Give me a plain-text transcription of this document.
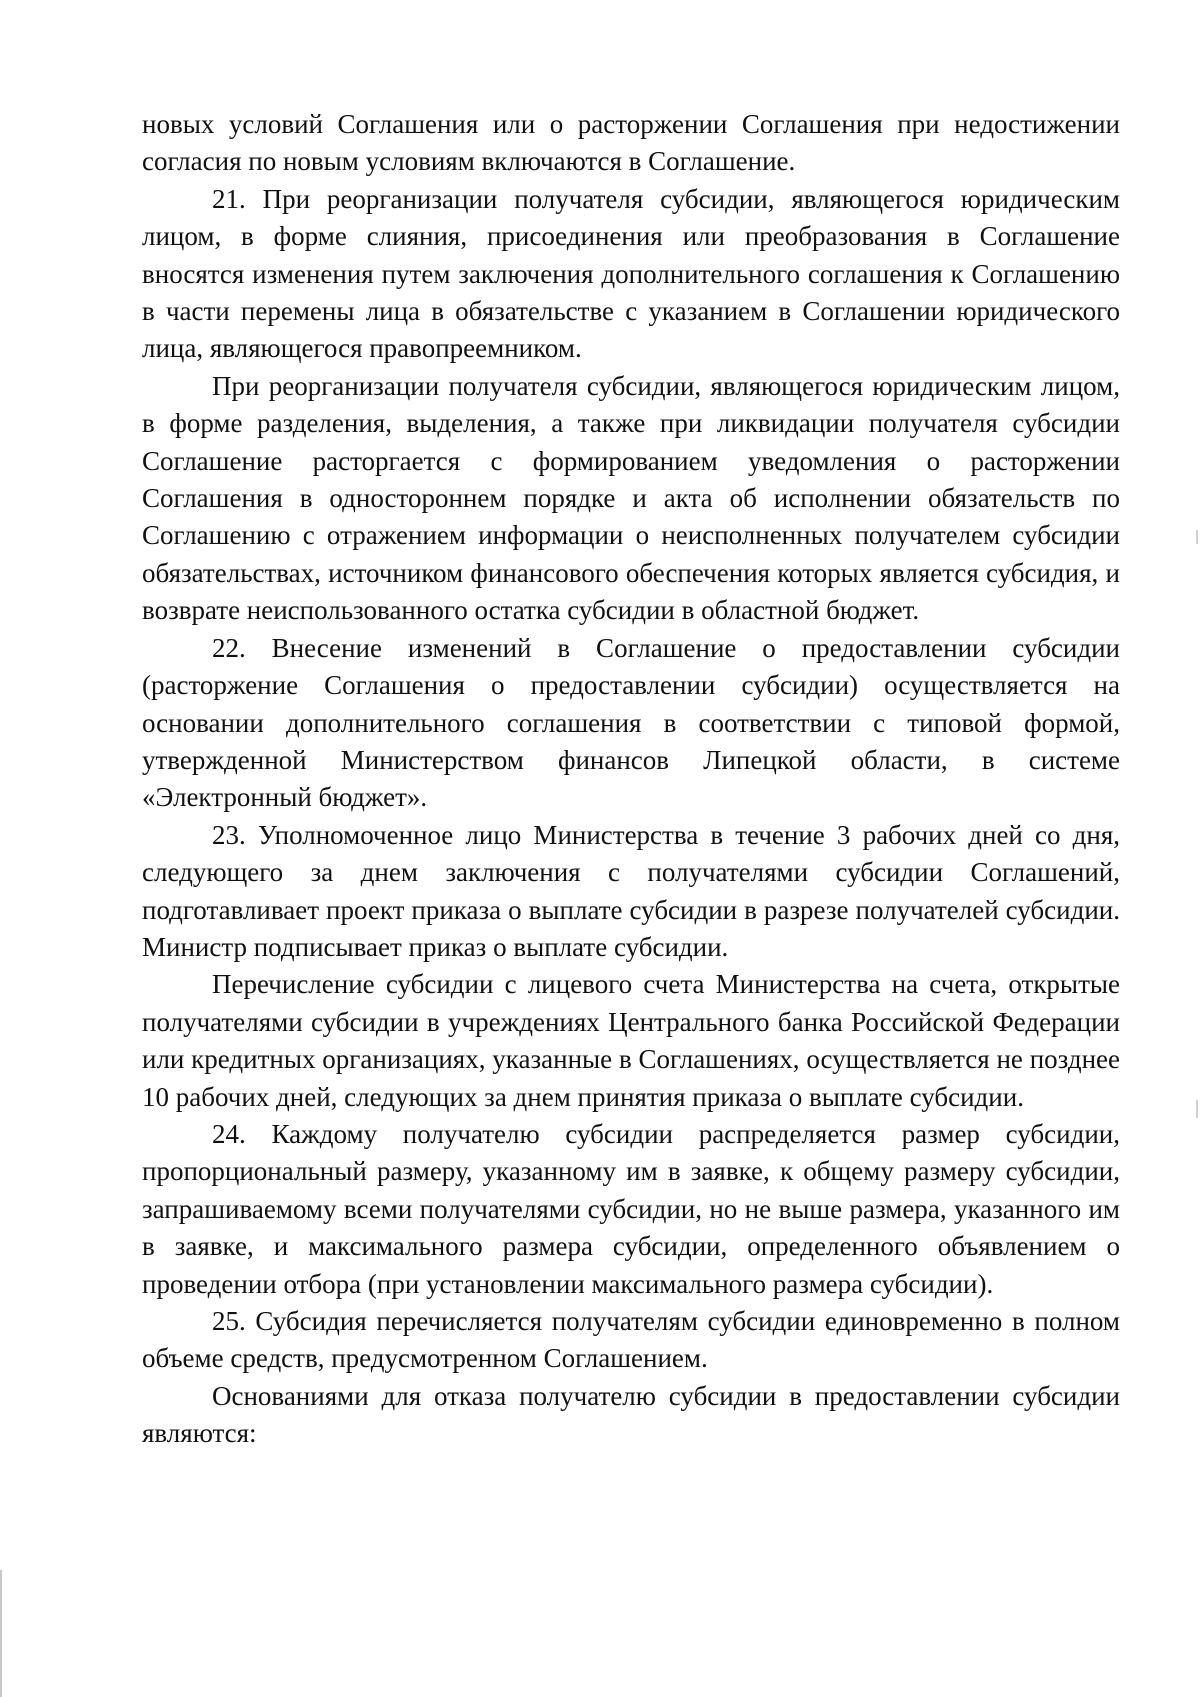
новых условий Соглашения или о расторжении Соглашения при недостижении согласия по новым условиям включаются в Соглашение.

21. При реорганизации получателя субсидии, являющегося юридическим лицом, в форме слияния, присоединения или преобразования в Соглашение вносятся изменения путем заключения дополнительного соглашения к Соглашению в части перемены лица в обязательстве с указанием в Соглашении юридического лица, являющегося правопреемником.

При реорганизации получателя субсидии, являющегося юридическим лицом, в форме разделения, выделения, а также при ликвидации получателя субсидии Соглашение расторгается с формированием уведомления о расторжении Соглашения в одностороннем порядке и акта об исполнении обязательств по Соглашению с отражением информации о неисполненных получателем субсидии обязательствах, источником финансового обеспечения которых является субсидия, и возврате неиспользованного остатка субсидии в областной бюджет.

22. Внесение изменений в Соглашение о предоставлении субсидии (расторжение Соглашения о предоставлении субсидии) осуществляется на основании дополнительного соглашения в соответствии с типовой формой, утвержденной Министерством финансов Липецкой области, в системе «Электронный бюджет».

23. Уполномоченное лицо Министерства в течение 3 рабочих дней со дня, следующего за днем заключения с получателями субсидии Соглашений, подготавливает проект приказа о выплате субсидии в разрезе получателей субсидии. Министр подписывает приказ о выплате субсидии.

Перечисление субсидии с лицевого счета Министерства на счета, открытые получателями субсидии в учреждениях Центрального банка Российской Федерации или кредитных организациях, указанные в Соглашениях, осуществляется не позднее 10 рабочих дней, следующих за днем принятия приказа о выплате субсидии.

24. Каждому получателю субсидии распределяется размер субсидии, пропорциональный размеру, указанному им в заявке, к общему размеру субсидии, запрашиваемому всеми получателями субсидии, но не выше размера, указанного им в заявке, и максимального размера субсидии, определенного объявлением о проведении отбора (при установлении максимального размера субсидии).

25. Субсидия перечисляется получателям субсидии единовременно в полном объеме средств, предусмотренном Соглашением.

Основаниями для отказа получателю субсидии в предоставлении субсидии являются:
